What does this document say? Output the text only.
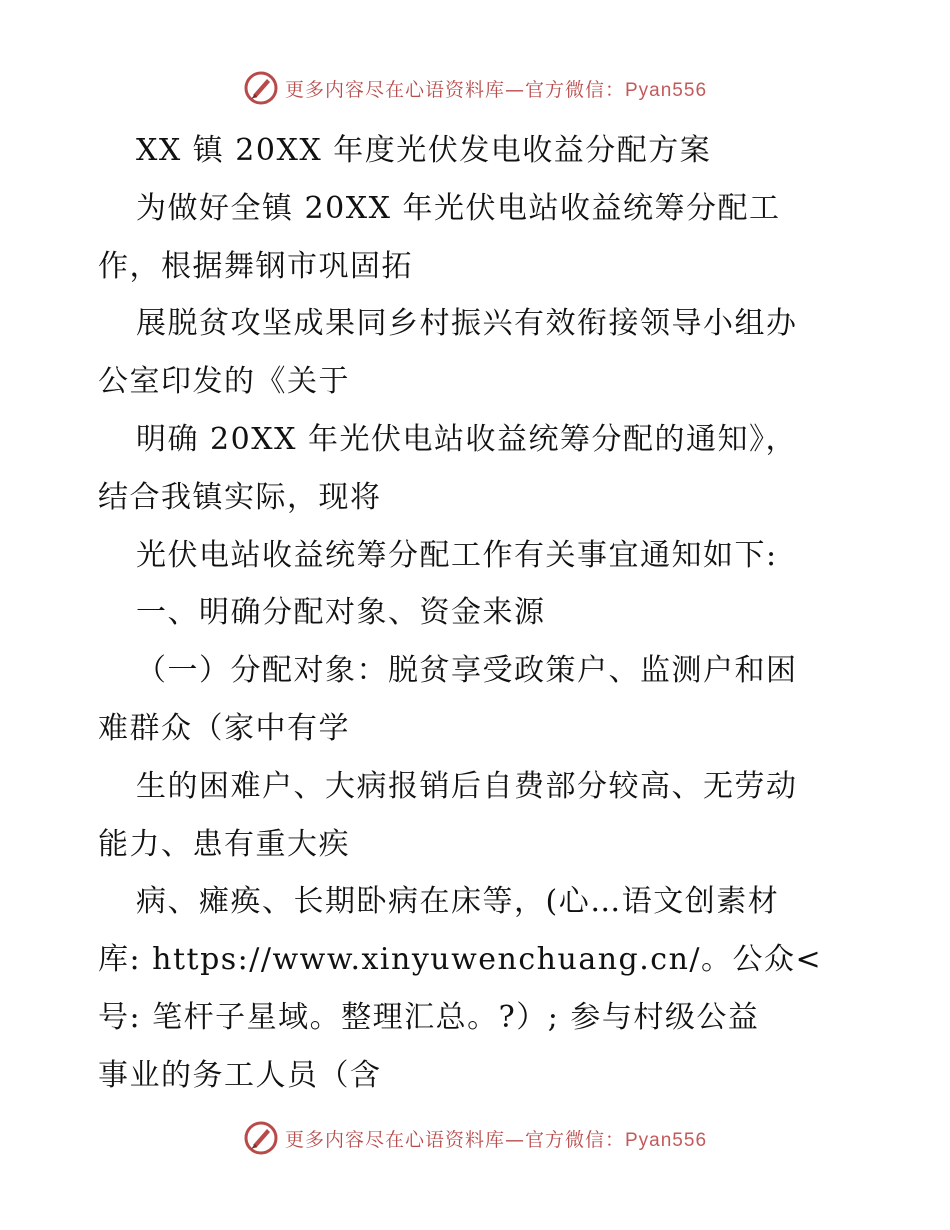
更多内容尽在心语资料库—官方微信：Pyan556
XX 镇 20XX 年度光伏发电收益分配方案
为做好全镇 20XX 年光伏电站收益统筹分配工
作，根据舞钢市巩固拓
展脱贫攻坚成果同乡村振兴有效衔接领导小组办
公室印发的《关于
明确 20XX 年光伏电站收益统筹分配的通知》，
结合我镇实际，现将
光伏电站收益统筹分配工作有关事宜通知如下:
一、明确分配对象、资金来源
（一）分配对象：脱贫享受政策户、监测户和困
难群众（家中有学
生的困难户、大病报销后自费部分较高、无劳动
能力、患有重大疾
病、瘫痪、长期卧病在床等，(心…语文创素材
库: https://www.xinyuwenchuang.cn/。公众<
号: 笔杆子星域。整理汇总。?）; 参与村级公益
事业的务工人员（含
更多内容尽在心语资料库—官方微信：Pyan556
